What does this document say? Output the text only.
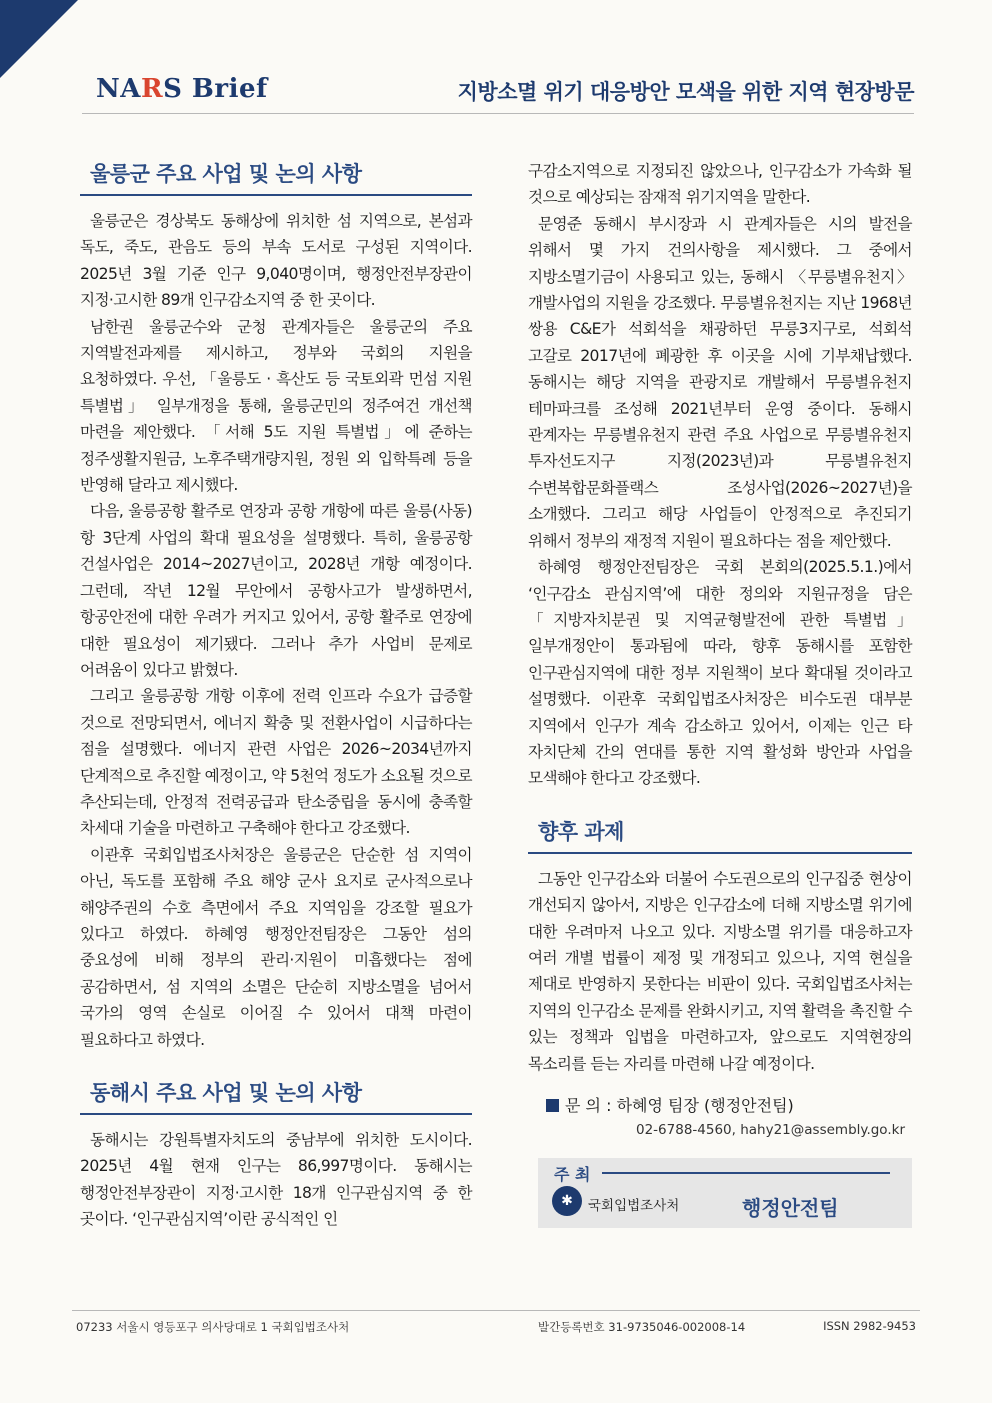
NARS Brief	지방소멸 위기 대응방안 모색을 위한 지역 현장방문
울릉군 주요 사업 및 논의 사항

울릉군은 경상북도 동해상에 위치한 섬 지역으로, 본섬과 독도, 죽도, 관음도 등의 부속 도서로 구성된 지역이다. 2025년 3월 기준 인구 9,040명이며, 행정안전부장관이 지정·고시한 89개 인구감소지역 중 한 곳이다.

남한권 울릉군수와 군청 관계자들은 울릉군의 주요 지역발전과제를 제시하고, 정부와 국회의 지원을 요청하였다. 우선, 「울릉도 · 흑산도 등 국토외곽 먼섬 지원 특별법」 일부개정을 통해, 울릉군민의 정주여건 개선책 마련을 제안했다. 「서해 5도 지원 특별법」에 준하는 정주생활지원금, 노후주택개량지원, 정원 외 입학특례 등을 반영해 달라고 제시했다.

다음, 울릉공항 활주로 연장과 공항 개항에 따른 울릉(사동)항 3단계 사업의 확대 필요성을 설명했다. 특히, 울릉공항 건설사업은 2014~2027년이고, 2028년 개항 예정이다. 그런데, 작년 12월 무안에서 공항사고가 발생하면서, 항공안전에 대한 우려가 커지고 있어서, 공항 활주로 연장에 대한 필요성이 제기됐다. 그러나 추가 사업비 문제로 어려움이 있다고 밝혔다.

그리고 울릉공항 개항 이후에 전력 인프라 수요가 급증할 것으로 전망되면서, 에너지 확충 및 전환사업이 시급하다는 점을 설명했다. 에너지 관련 사업은 2026~2034년까지 단계적으로 추진할 예정이고, 약 5천억 정도가 소요될 것으로 추산되는데, 안정적 전력공급과 탄소중립을 동시에 충족할 차세대 기술을 마련하고 구축해야 한다고 강조했다.

이관후 국회입법조사처장은 울릉군은 단순한 섬 지역이 아닌, 독도를 포함해 주요 해양 군사 요지로 군사적으로나 해양주권의 수호 측면에서 주요 지역임을 강조할 필요가 있다고 하였다. 하혜영 행정안전팀장은 그동안 섬의 중요성에 비해 정부의 관리·지원이 미흡했다는 점에 공감하면서, 섬 지역의 소멸은 단순히 지방소멸을 넘어서 국가의 영역 손실로 이어질 수 있어서 대책 마련이 필요하다고 하였다.

동해시 주요 사업 및 논의 사항

동해시는 강원특별자치도의 중남부에 위치한 도시이다. 2025년 4월 현재 인구는 86,997명이다. 동해시는 행정안전부장관이 지정·고시한 18개 인구관심지역 중 한 곳이다. ‘인구관심지역’이란 공식적인 인

구감소지역으로 지정되진 않았으나, 인구감소가 가속화 될 것으로 예상되는 잠재적 위기지역을 말한다.

문영준 동해시 부시장과 시 관계자들은 시의 발전을 위해서 몇 가지 건의사항을 제시했다. 그 중에서 지방소멸기금이 사용되고 있는, 동해시 〈무릉별유천지〉 개발사업의 지원을 강조했다. 무릉별유천지는 지난 1968년 쌍용 C&E가 석회석을 채광하던 무릉3지구로, 석회석 고갈로 2017년에 폐광한 후 이곳을 시에 기부채납했다. 동해시는 해당 지역을 관광지로 개발해서 무릉별유천지 테마파크를 조성해 2021년부터 운영 중이다. 동해시 관계자는 무릉별유천지 관련 주요 사업으로 무릉별유천지 투자선도지구 지정(2023년)과 무릉별유천지 수변복합문화플랙스 조성사업(2026~2027년)을 소개했다. 그리고 해당 사업들이 안정적으로 추진되기 위해서 정부의 재정적 지원이 필요하다는 점을 제안했다.

하혜영 행정안전팀장은 국회 본회의(2025.5.1.)에서 ‘인구감소 관심지역’에 대한 정의와 지원규정을 담은 「지방자치분권 및 지역균형발전에 관한 특별법」 일부개정안이 통과됨에 따라, 향후 동해시를 포함한 인구관심지역에 대한 정부 지원책이 보다 확대될 것이라고 설명했다. 이관후 국회입법조사처장은 비수도권 대부분 지역에서 인구가 계속 감소하고 있어서, 이제는 인근 타 자치단체 간의 연대를 통한 지역 활성화 방안과 사업을 모색해야 한다고 강조했다.

향후 과제

그동안 인구감소와 더불어 수도권으로의 인구집중 현상이 개선되지 않아서, 지방은 인구감소에 더해 지방소멸 위기에 대한 우려마저 나오고 있다. 지방소멸 위기를 대응하고자 여러 개별 법률이 제정 및 개정되고 있으나, 지역 현실을 제대로 반영하지 못한다는 비판이 있다. 국회입법조사처는 지역의 인구감소 문제를 완화시키고, 지역 활력을 촉진할 수 있는 정책과 입법을 마련하고자, 앞으로도 지역현장의 목소리를 듣는 자리를 마련해 나갈 예정이다.

문 의 : 하혜영 팀장 (행정안전팀)
02-6788-4560, hahy21@assembly.go.kr
주 최
✱	국회입법조사처	행정안전팀
07233 서울시 영등포구 의사당대로 1 국회입법조사처	발간등록번호 31-9735046-002008-14	ISSN 2982-9453
